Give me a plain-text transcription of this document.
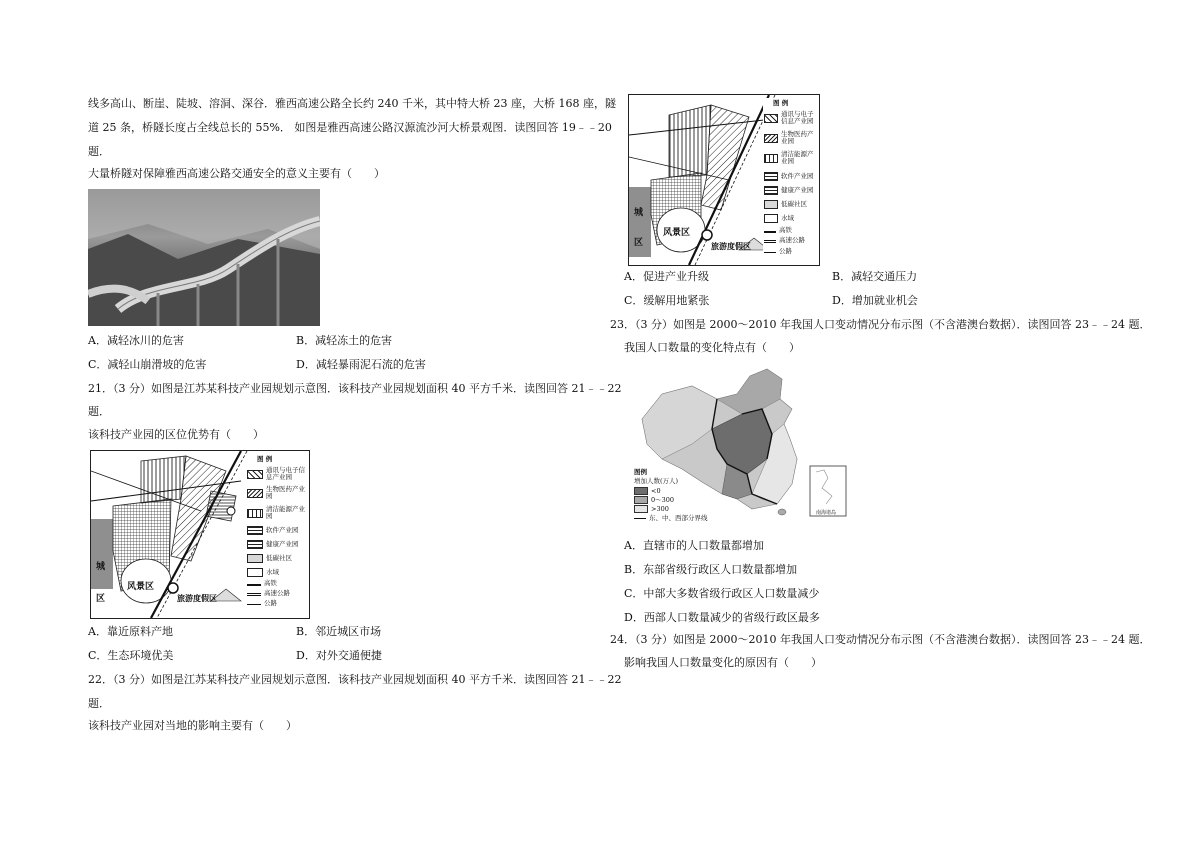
线多高山、断崖、陡坡、溶洞、深谷．雅西高速公路全长约 240 千米，其中特大桥 23 座，大桥 168 座，隧
道 25 条，桥隧长度占全线总长的 55%． 如图是雅西高速公路汉源流沙河大桥景观图．读图回答 19﹣﹣20
题．
大量桥隧对保障雅西高速公路交通安全的意义主要有（　　）
A．减轻冰川的危害	B．减轻冻土的危害
C．减轻山崩滑坡的危害	D．减轻暴雨泥石流的危害
21．（3 分）如图是江苏某科技产业园规划示意图．该科技产业园规划面积 40 平方千米．读图回答 21﹣﹣22
题．
该科技产业园的区位优势有（　　）
城
区
风景区
旅游度假区
图 例
通讯与电子信息产业园
生物医药产业园
清洁能源产业园
软件产业园
健康产业园
低碳社区
水域
高铁
高速公路
公路
A．靠近原料产地	B．邻近城区市场
C．生态环境优美	D．对外交通便捷
22．（3 分）如图是江苏某科技产业园规划示意图．该科技产业园规划面积 40 平方千米．读图回答 21﹣﹣22
题．
该科技产业园对当地的影响主要有（　　）
城
区
风景区
旅游度假区
图 例
通讯与电子信息产业园
生物医药产业园
清洁能源产业园
软件产业园
健康产业园
低碳社区
水域
高铁
高速公路
公路
A．促进产业升级	B．减轻交通压力
C．缓解用地紧张	D．增加就业机会
23．（3 分）如图是 2000～2010 年我国人口变动情况分布示图（不含港澳台数据）．读图回答 23﹣﹣24 题．
我国人口数量的变化特点有（　　）
图例
增加人数(万人)
<0
0～300
>300
东、中、西部分界线
南海诸岛
A．直辖市的人口数量都增加
B．东部省级行政区人口数量都增加
C．中部大多数省级行政区人口数量减少
D．西部人口数量减少的省级行政区最多
24．（3 分）如图是 2000～2010 年我国人口变动情况分布示图（不含港澳台数据）．读图回答 23﹣﹣24 题．
影响我国人口数量变化的原因有（　　）
